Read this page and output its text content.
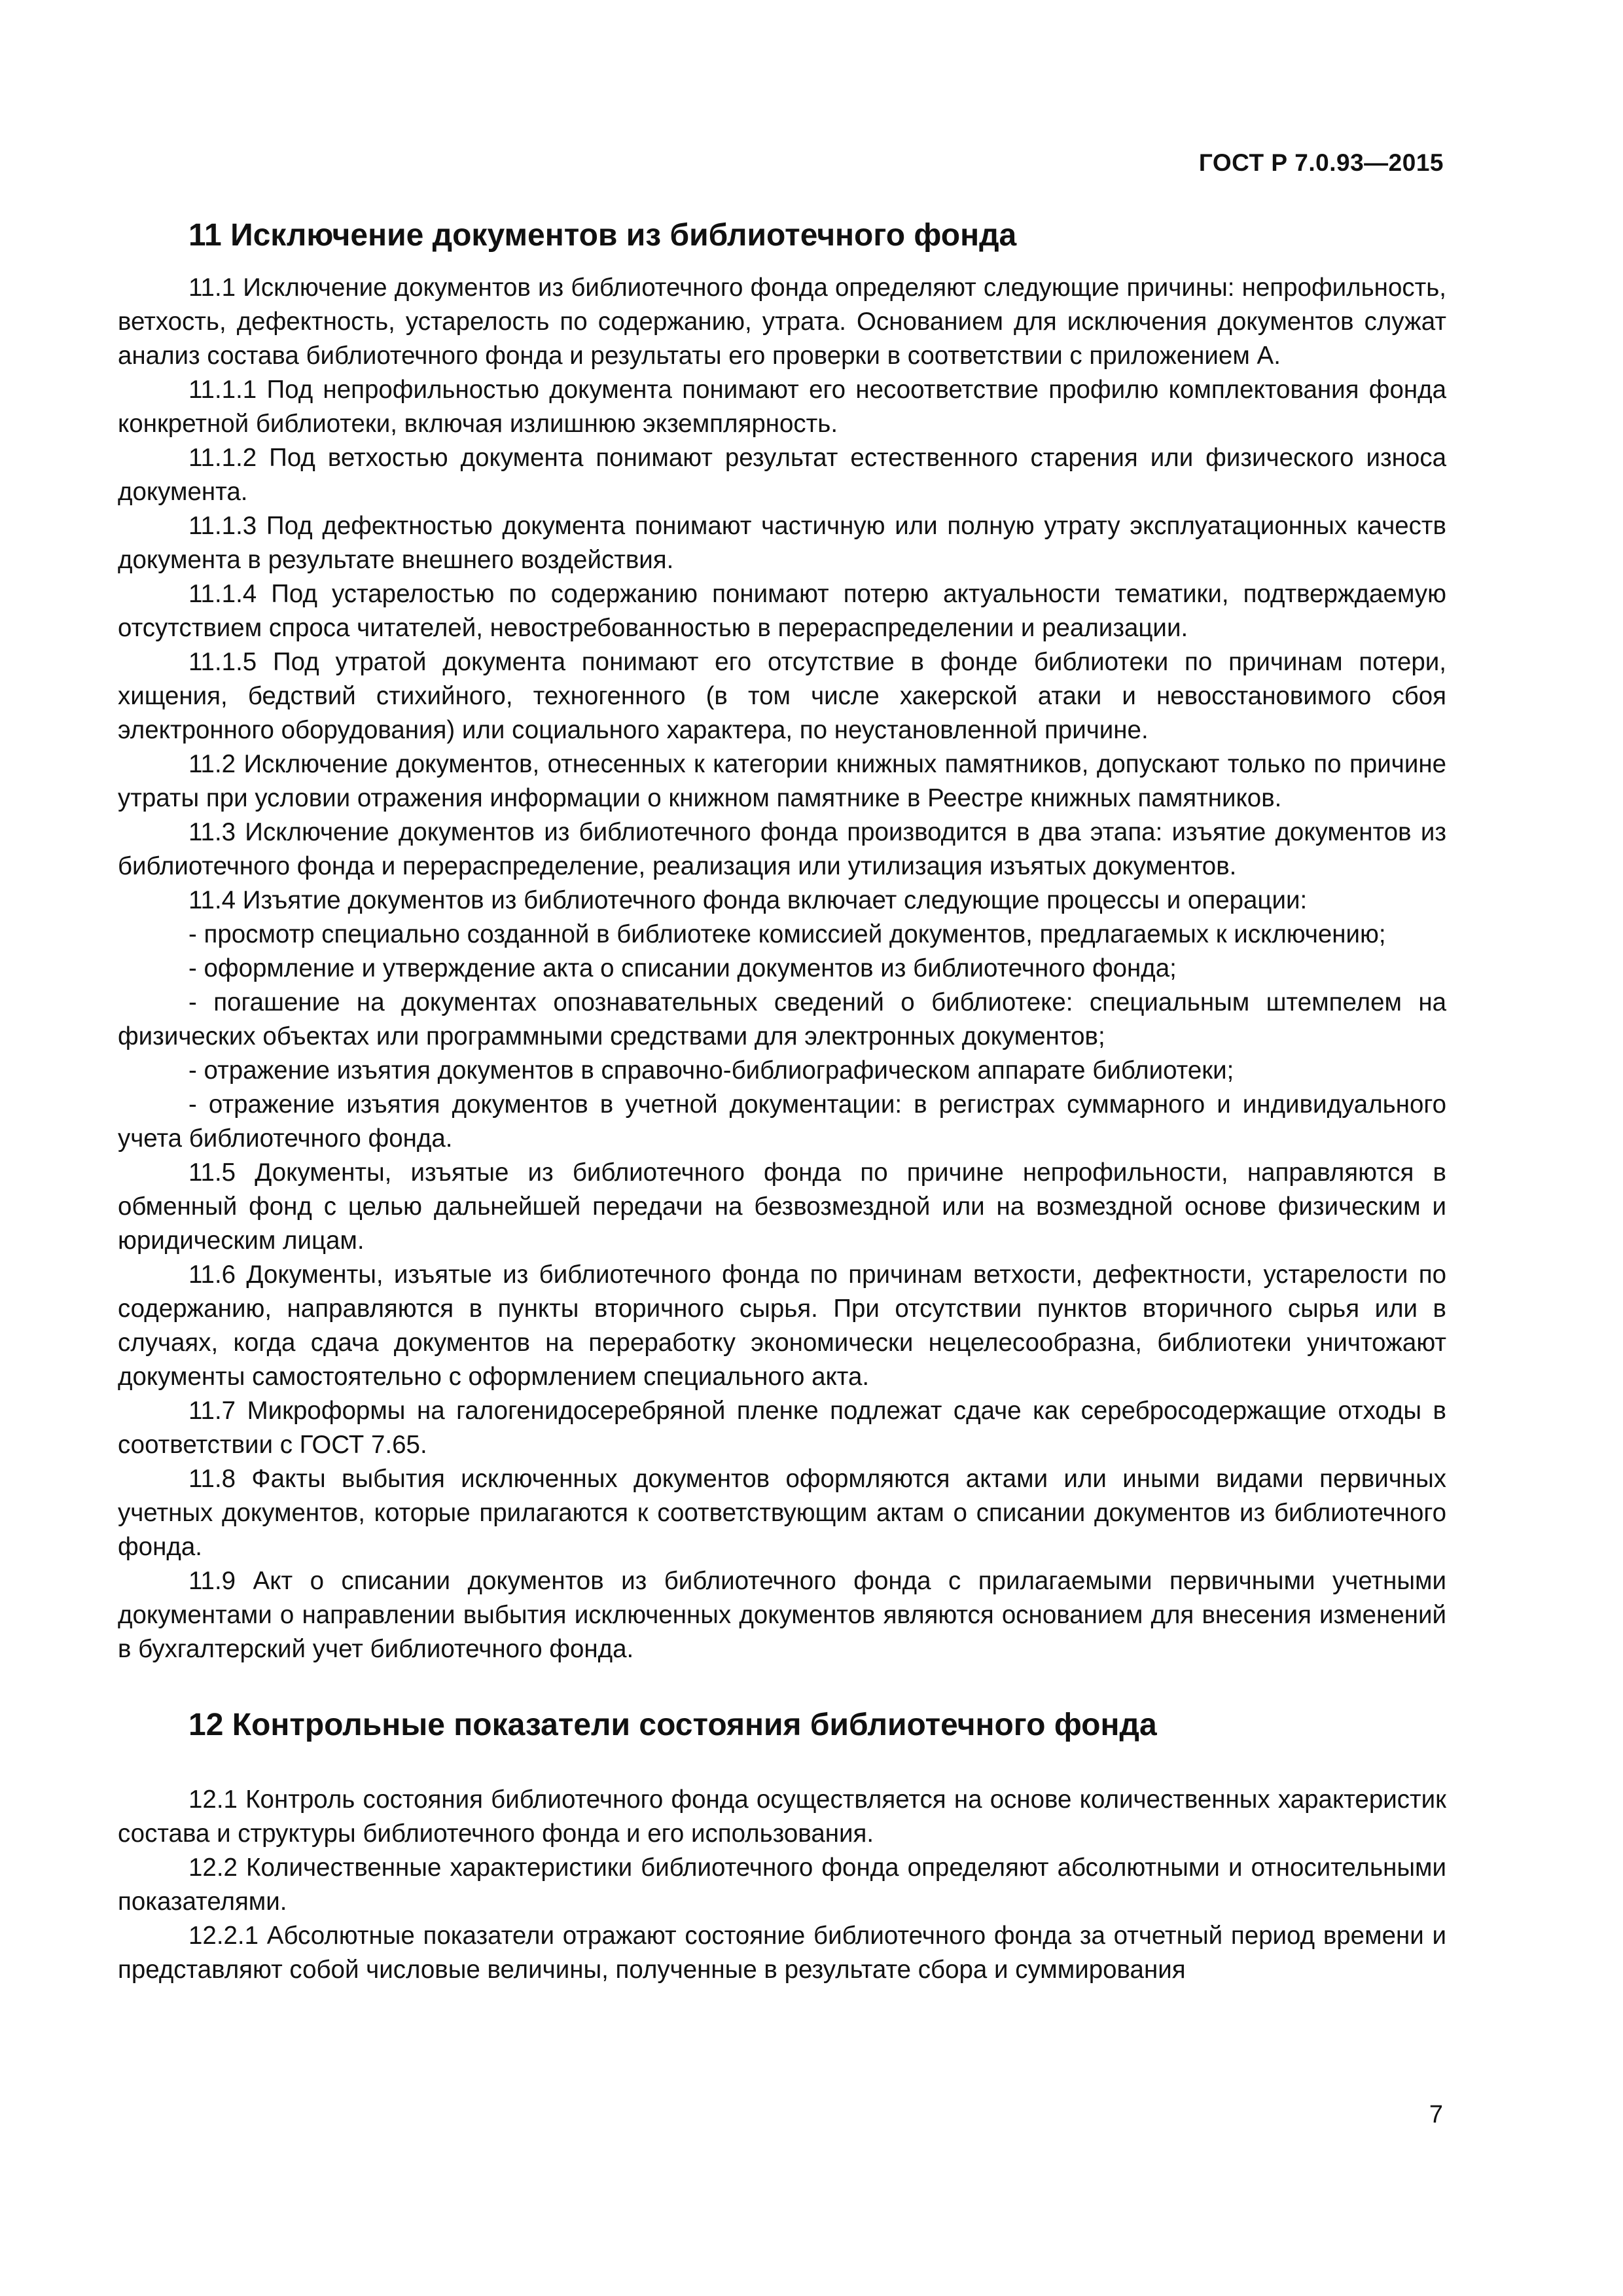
ГОСТ Р 7.0.93—2015
11 Исключение документов из библиотечного фонда

11.1 Исключение документов из библиотечного фонда определяют следующие причины: непрофильность, ветхость, дефектность, устарелость по содержанию, утрата. Основанием для исключения документов служат анализ состава библиотечного фонда и результаты его проверки в соответствии с приложением А.

11.1.1 Под непрофильностью документа понимают его несоответствие профилю комплектования фонда конкретной библиотеки, включая излишнюю экземплярность.

11.1.2 Под ветхостью документа понимают результат естественного старения или физического износа документа.

11.1.3 Под дефектностью документа понимают частичную или полную утрату эксплуатационных качеств документа в результате внешнего воздействия.

11.1.4 Под устарелостью по содержанию понимают потерю актуальности тематики, подтверждаемую отсутствием спроса читателей, невостребованностью в перераспределении и реализации.

11.1.5 Под утратой документа понимают его отсутствие в фонде библиотеки по причинам потери, хищения, бедствий стихийного, техногенного (в том числе хакерской атаки и невосстановимого сбоя электронного оборудования) или социального характера, по неустановленной причине.

11.2 Исключение документов, отнесенных к категории книжных памятников, допускают только по причине утраты при условии отражения информации о книжном памятнике в Реестре книжных памятников.

11.3 Исключение документов из библиотечного фонда производится в два этапа: изъятие документов из библиотечного фонда и перераспределение, реализация или утилизация изъятых документов.

11.4 Изъятие документов из библиотечного фонда включает следующие процессы и операции:

- просмотр специально созданной в библиотеке комиссией документов, предлагаемых к исключению;

- оформление и утверждение акта о списании документов из библиотечного фонда;

- погашение на документах опознавательных сведений о библиотеке: специальным штемпелем на физических объектах или программными средствами для электронных документов;

- отражение изъятия документов в справочно-библиографическом аппарате библиотеки;

- отражение изъятия документов в учетной документации: в регистрах суммарного и индивидуального учета библиотечного фонда.

11.5 Документы, изъятые из библиотечного фонда по причине непрофильности, направляются в обменный фонд с целью дальнейшей передачи на безвозмездной или на возмездной основе физическим и юридическим лицам.

11.6 Документы, изъятые из библиотечного фонда по причинам ветхости, дефектности, устарелости по содержанию, направляются в пункты вторичного сырья. При отсутствии пунктов вторичного сырья или в случаях, когда сдача документов на переработку экономически нецелесообразна, библиотеки уничтожают документы самостоятельно с оформлением специального акта.

11.7 Микроформы на галогенидосеребряной пленке подлежат сдаче как серебросодержащие отходы в соответствии с ГОСТ 7.65.

11.8 Факты выбытия исключенных документов оформляются актами или иными видами первичных учетных документов, которые прилагаются к соответствующим актам о списании документов из библиотечного фонда.

11.9 Акт о списании документов из библиотечного фонда с прилагаемыми первичными учетными документами о направлении выбытия исключенных документов являются основанием для внесения изменений в бухгалтерский учет библиотечного фонда.

12 Контрольные показатели состояния библиотечного фонда

12.1 Контроль состояния библиотечного фонда осуществляется на основе количественных характеристик состава и структуры библиотечного фонда и его использования.

12.2 Количественные характеристики библиотечного фонда определяют абсолютными и относительными показателями.

12.2.1 Абсолютные показатели отражают состояние библиотечного фонда за отчетный период времени и представляют собой числовые величины, полученные в результате сбора и суммирования

7
